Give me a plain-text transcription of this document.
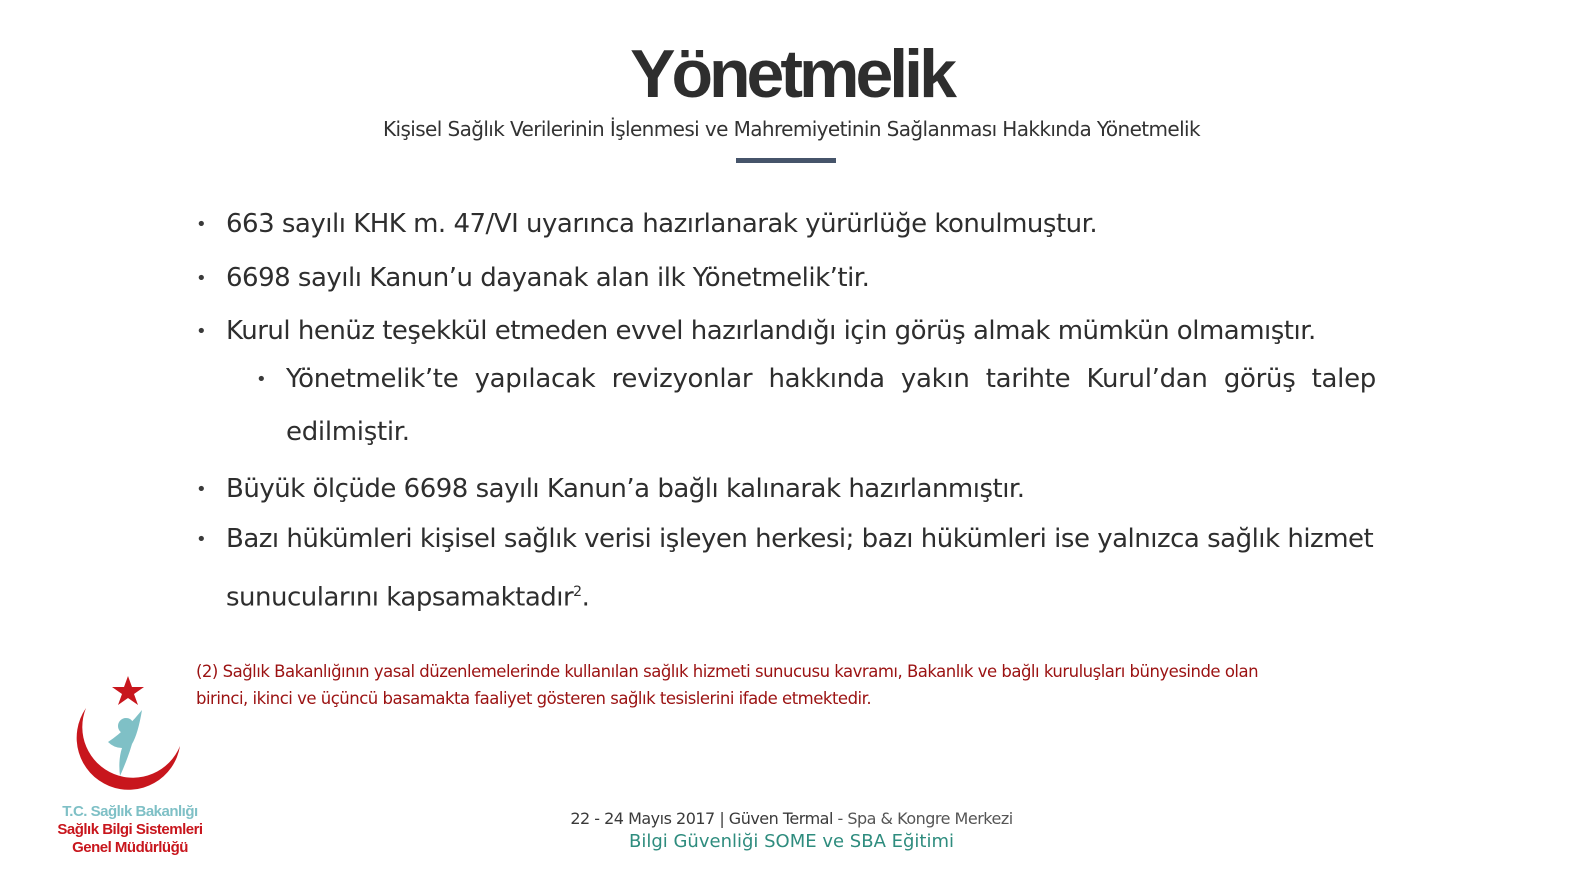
Yönetmelik
Kişisel Sağlık Verilerinin İşlenmesi ve Mahremiyetinin Sağlanması Hakkında Yönetmelik
• 663 sayılı KHK m. 47/VI uyarınca hazırlanarak yürürlüğe konulmuştur.
• 6698 sayılı Kanun’u dayanak alan ilk Yönetmelik’tir.
• Kurul henüz teşekkül etmeden evvel hazırlandığı için görüş almak mümkün olmamıştır.
• Yönetmelik’te yapılacak revizyonlar hakkında yakın tarihte Kurul’dan görüş talep edilmiştir.
• Büyük ölçüde 6698 sayılı Kanun’a bağlı kalınarak hazırlanmıştır.
• Bazı hükümleri kişisel sağlık verisi işleyen herkesi; bazı hükümleri ise yalnızca sağlık hizmet sunucularını kapsamaktadır$^2$.
(2) Sağlık Bakanlığının yasal düzenlemelerinde kullanılan sağlık hizmeti sunucusu kavramı, Bakanlık ve bağlı kuruluşları bünyesinde olan birinci, ikinci ve üçüncü basamakta faaliyet gösteren sağlık tesislerini ifade etmektedir.
T.C. Sağlık Bakanlığı
Sağlık Bilgi Sistemleri
Genel Müdürlüğü
22 - 24 Mayıs 2017 | Güven Termal - Spa & Kongre Merkezi
Bilgi Güvenliği SOME ve SBA Eğitimi
